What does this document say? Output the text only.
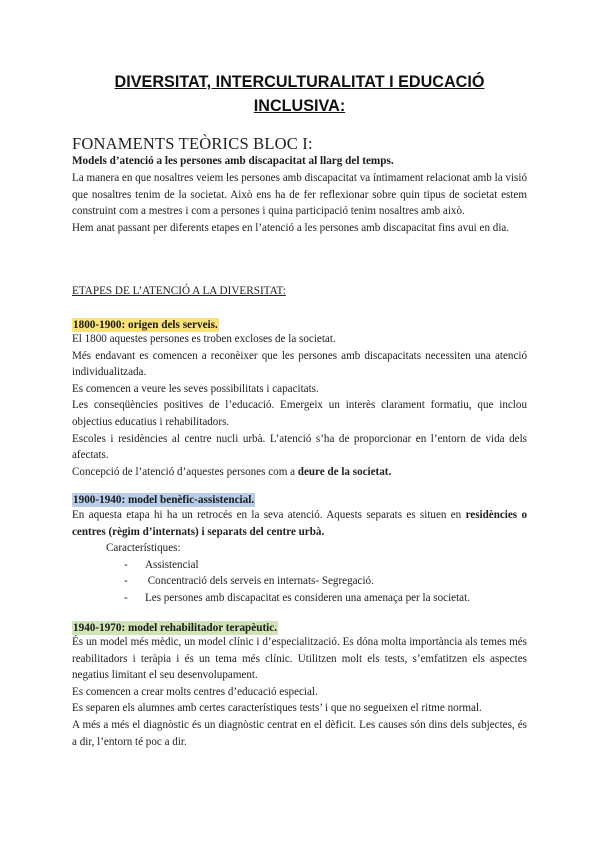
DIVERSITAT, INTERCULTURALITAT I EDUCACIÓ
INCLUSIVA:
FONAMENTS TEÒRICS BLOC I:
Models d’atenció a les persones amb discapacitat al llarg del temps.

La manera en que nosaltres veiem les persones amb discapacitat va íntimament relacionat amb la visió que nosaltres tenim de la societat. Això ens ha de fer reflexionar sobre quin tipus de societat estem construint com a mestres i com a persones i quina participació tenim nosaltres amb això.

Hem anat passant per diferents etapes en l’atenció a les persones amb discapacitat fins avui en dia.

ETAPES DE L’ATENCIÓ A LA DIVERSITAT:
1800-1900: origen dels serveis.

El 1800 aquestes persones es troben excloses de la societat.

Més endavant es comencen a reconèixer que les persones amb discapacitats necessiten una atenció individualitzada.

Es comencen a veure les seves possibilitats i capacitats.

Les conseqüències positives de l’educació. Emergeix un interès clarament formatiu, que inclou objectius educatius i rehabilitadors.

Escoles i residències al centre nucli urbà. L’atenció s’ha de proporcionar en l’entorn de vida dels afectats.

Concepció de l’atenció d’aquestes persones com a deure de la societat.

1900-1940: model benèfic-assistencial.

En aquesta etapa hi ha un retrocés en la seva atenció. Aquests separats es situen en residències o centres (règim d’internats) i separats del centre urbà.

Característiques:
- Assistencial
- Concentració dels serveis en internats- Segregació.
- Les persones amb discapacitat es consideren una amenaça per la societat.
1940-1970: model rehabilitador terapèutic.

És un model més mèdic, un model clínic i d’especialització. Es dóna molta importància als temes més reabilitadors i teràpia i és un tema més clínic. Utilitzen molt els tests, s’emfatitzen els aspectes negatius limitant el seu desenvolupament.

Es comencen a crear molts centres d’educació especial.

Es separen els alumnes amb certes característiques tests’ i que no segueixen el ritme normal.

A més a més el diagnòstic és un diagnòstic centrat en el dèficit. Les causes són dins dels subjectes, és a dir, l’entorn té poc a dir.
